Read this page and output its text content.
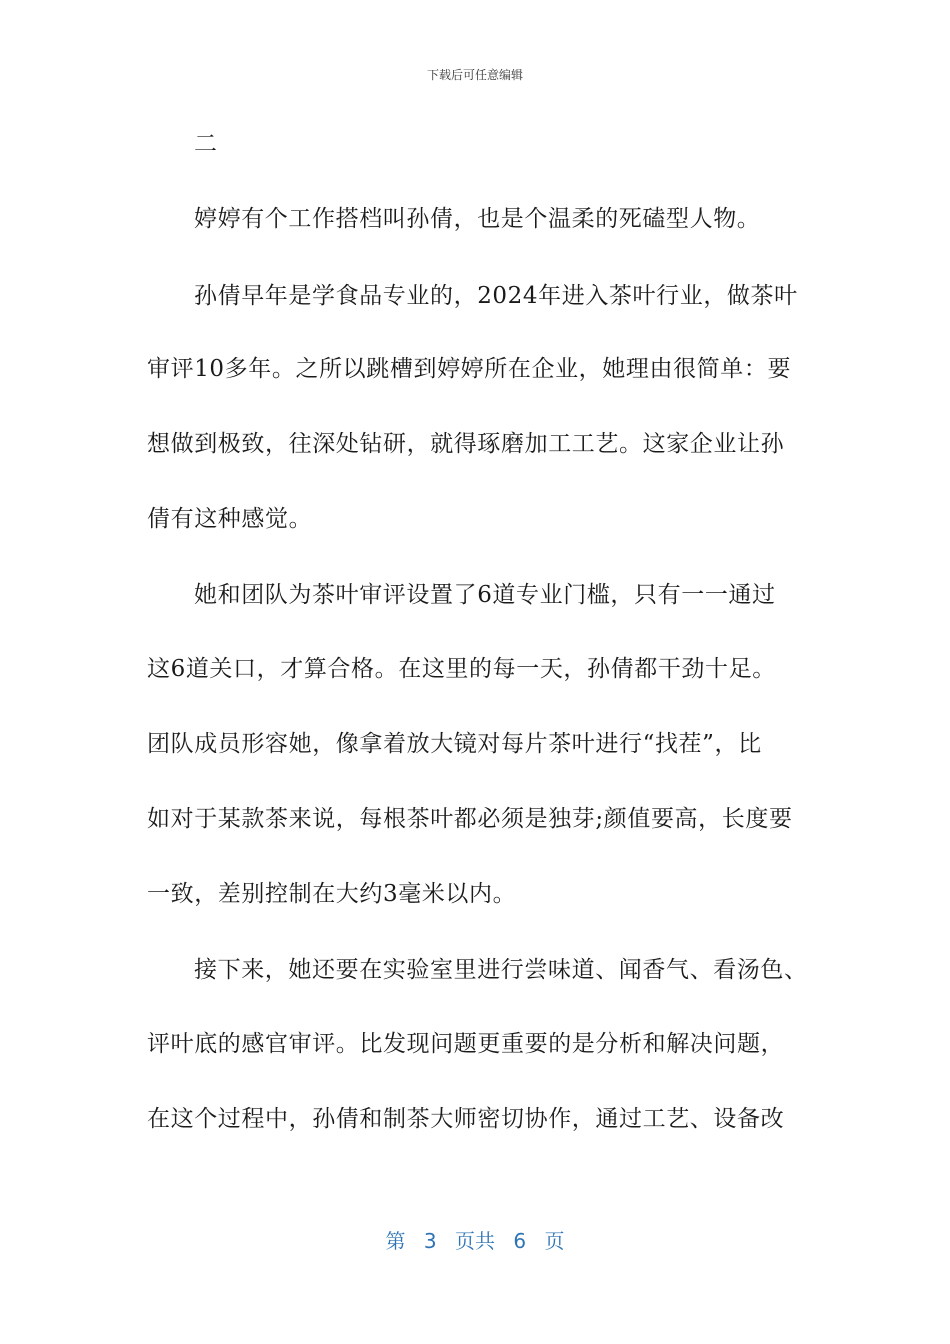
下载后可任意编辑
二
婷婷有个工作搭档叫孙倩，也是个温柔的死磕型人物。
孙倩早年是学食品专业的，2024年进入茶叶行业，做茶叶
审评10多年。之所以跳槽到婷婷所在企业，她理由很简单：要
想做到极致，往深处钻研，就得琢磨加工工艺。这家企业让孙
倩有这种感觉。
她和团队为茶叶审评设置了6道专业门槛，只有一一通过
这6道关口，才算合格。在这里的每一天，孙倩都干劲十足。
团队成员形容她，像拿着放大镜对每片茶叶进行“找茬”，比
如对于某款茶来说，每根茶叶都必须是独芽;颜值要高，长度要
一致，差别控制在大约3毫米以内。
接下来，她还要在实验室里进行尝味道、闻香气、看汤色、
评叶底的感官审评。比发现问题更重要的是分析和解决问题，
在这个过程中，孙倩和制茶大师密切协作，通过工艺、设备改
第 3 页共 6 页
